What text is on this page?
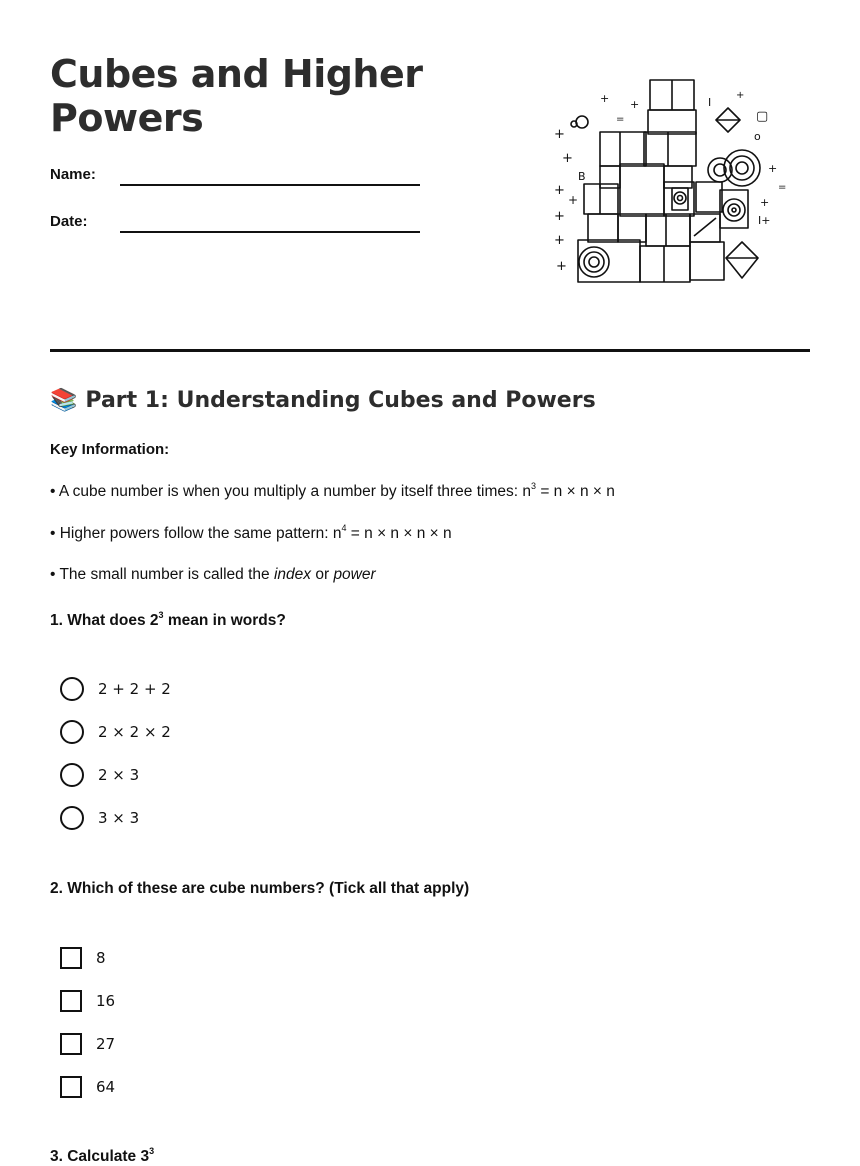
Cubes and Higher Powers
Name:
Date:
+
+
+
+
+
+
+
B
+
=
+	I
+
▢
o
+
=
+
I+
📚 Part 1: Understanding Cubes and Powers
Key Information:
• A cube number is when you multiply a number by itself three times: $n^3 = n \times n \times n$
• Higher powers follow the same pattern: $n^4 = n \times n \times n \times n$
• The small number is called the index or power
1. What does $2^3$ mean in words?
2 + 2 + 2
2 × 2 × 2
2 × 3
3 × 3
2. Which of these are cube numbers? (Tick all that apply)
8
16
27
64
3. Calculate $3^3$
